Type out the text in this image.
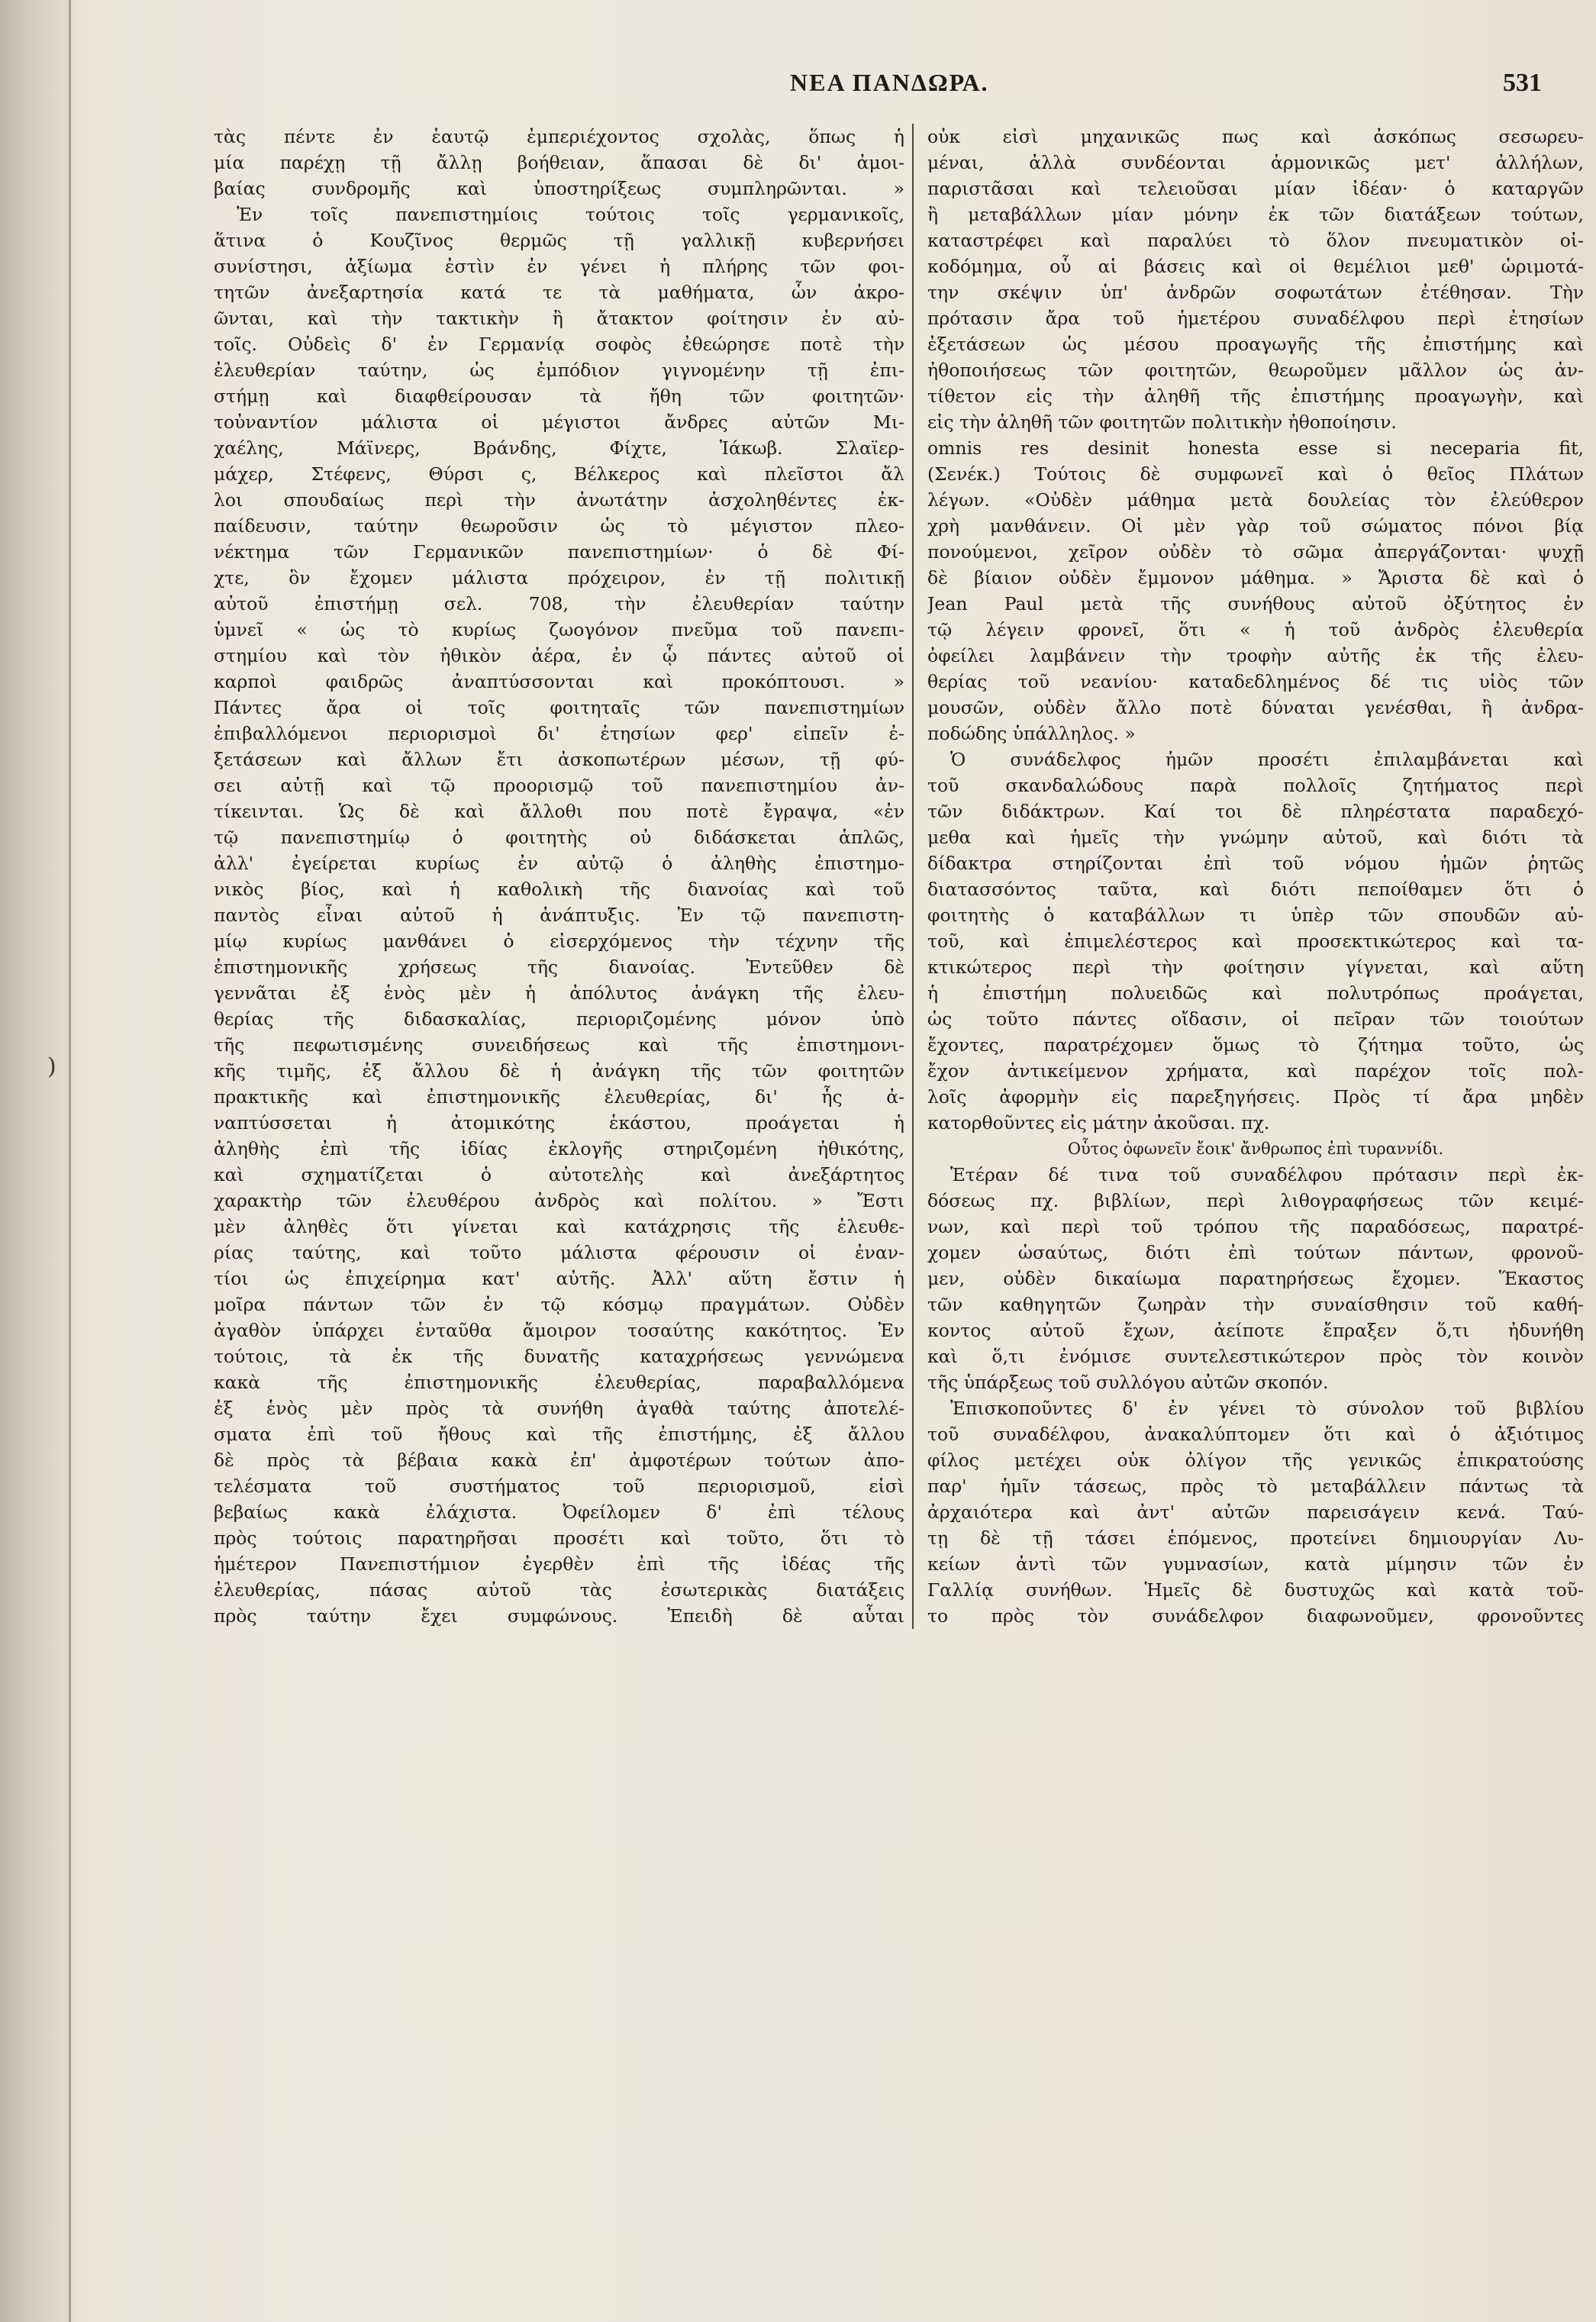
ΝΕΑ ΠΑΝΔΩΡΑ.	531
)
τὰς πέντε ἐν ἑαυτῷ ἐμπεριέχοντος σχολὰς, ὅπως ἡ
μία παρέχῃ τῇ ἄλλῃ βοήθειαν, ἅπασαι δὲ δι' ἀμοι-
βαίας συνδρομῆς καὶ ὑποστηρίξεως συμπληρῶνται. »
Ἐν τοῖς πανεπιστημίοις τούτοις τοῖς γερμανικοῖς,
ἅτινα ὁ Κουζῖνος θερμῶς τῇ γαλλικῇ κυβερνήσει
συνίστησι, ἀξίωμα ἐστὶν ἐν γένει ἡ πλήρης τῶν φοι-
τητῶν ἀνεξαρτησία κατά τε τὰ μαθήματα, ὧν ἀκρο-
ῶνται, καὶ τὴν τακτικὴν ἢ ἄτακτον φοίτησιν ἐν αὐ-
τοῖς. Οὐδεὶς δ' ἐν Γερμανίᾳ σοφὸς ἐθεώρησε ποτὲ τὴν
ἐλευθερίαν ταύτην, ὡς ἐμπόδιον γιγνομένην τῇ ἐπι-
στήμῃ καὶ διαφθείρουσαν τὰ ἤθη τῶν φοιτητῶν·
τοὐναντίον μάλιστα οἱ μέγιστοι ἄνδρες αὐτῶν Μι-
χαέλης, Μάϊνερς, Βράνδης, Φίχτε, Ἰάκωβ. Σλαϊερ-
μάχερ, Στέφενς, Θύρσι ς, Βέλκερος καὶ πλεῖστοι ἄλ
λοι σπουδαίως περὶ τὴν ἀνωτάτην ἀσχοληθέντες ἐκ-
παίδευσιν, ταύτην θεωροῦσιν ὡς τὸ μέγιστον πλεο-
νέκτημα τῶν Γερμανικῶν πανεπιστημίων· ὁ δὲ Φί-
χτε, ὃν ἔχομεν μάλιστα πρόχειρον, ἐν τῇ πολιτικῇ
αὐτοῦ ἐπιστήμῃ σελ. 708, τὴν ἐλευθερίαν ταύτην
ὑμνεῖ « ὡς τὸ κυρίως ζωογόνον πνεῦμα τοῦ πανεπι-
στημίου καὶ τὸν ἠθικὸν ἀέρα, ἐν ᾧ πάντες αὐτοῦ οἱ
καρποὶ φαιδρῶς ἀναπτύσσονται καὶ προκόπτουσι. »
Πάντες ἄρα οἱ τοῖς φοιτηταῖς τῶν πανεπιστημίων
ἐπιβαλλόμενοι περιορισμοὶ δι' ἐτησίων φερ' εἰπεῖν ἐ-
ξετάσεων καὶ ἄλλων ἔτι ἀσκοπωτέρων μέσων, τῇ φύ-
σει αὐτῇ καὶ τῷ προορισμῷ τοῦ πανεπιστημίου ἀν-
τίκεινται. Ὡς δὲ καὶ ἄλλοθι που ποτὲ ἔγραψα, «ἐν
τῷ πανεπιστημίῳ ὁ φοιτητὴς οὐ διδάσκεται ἁπλῶς,
ἀλλ' ἐγείρεται κυρίως ἐν αὐτῷ ὁ ἀληθὴς ἐπιστημο-
νικὸς βίος, καὶ ἡ καθολικὴ τῆς διανοίας καὶ τοῦ
παντὸς εἶναι αὐτοῦ ἡ ἀνάπτυξις. Ἐν τῷ πανεπιστη-
μίῳ κυρίως μανθάνει ὁ εἰσερχόμενος τὴν τέχνην τῆς
ἐπιστημονικῆς χρήσεως τῆς διανοίας. Ἐντεῦθεν δὲ
γεννᾶται ἐξ ἑνὸς μὲν ἡ ἀπόλυτος ἀνάγκη τῆς ἐλευ-
θερίας τῆς διδασκαλίας, περιοριζομένης μόνον ὑπὸ
τῆς πεφωτισμένης συνειδήσεως καὶ τῆς ἐπιστημονι-
κῆς τιμῆς, ἐξ ἄλλου δὲ ἡ ἀνάγκη τῆς τῶν φοιτητῶν
πρακτικῆς καὶ ἐπιστημονικῆς ἐλευθερίας, δι' ἧς ἀ-
ναπτύσσεται ἡ ἀτομικότης ἑκάστου, προάγεται ἡ
ἀληθὴς ἐπὶ τῆς ἰδίας ἐκλογῆς στηριζομένη ἠθικότης,
καὶ σχηματίζεται ὁ αὐτοτελὴς καὶ ἀνεξάρτητος
χαρακτὴρ τῶν ἐλευθέρου ἀνδρὸς καὶ πολίτου. » Ἔστι
μὲν ἀληθὲς ὅτι γίνεται καὶ κατάχρησις τῆς ἐλευθε-
ρίας ταύτης, καὶ τοῦτο μάλιστα φέρουσιν οἱ ἐναν-
τίοι ὡς ἐπιχείρημα κατ' αὐτῆς. Ἀλλ' αὕτη ἔστιν ἡ
μοῖρα πάντων τῶν ἐν τῷ κόσμῳ πραγμάτων. Οὐδὲν
ἀγαθὸν ὑπάρχει ἐνταῦθα ἄμοιρον τοσαύτης κακότητος. Ἐν
τούτοις, τὰ ἐκ τῆς δυνατῆς καταχρήσεως γεννώμενα
κακὰ τῆς ἐπιστημονικῆς ἐλευθερίας, παραβαλλόμενα
ἐξ ἑνὸς μὲν πρὸς τὰ συνήθη ἀγαθὰ ταύτης ἀποτελέ-
σματα ἐπὶ τοῦ ἤθους καὶ τῆς ἐπιστήμης, ἐξ ἄλλου
δὲ πρὸς τὰ βέβαια κακὰ ἐπ' ἀμφοτέρων τούτων ἀπο-
τελέσματα τοῦ συστήματος τοῦ περιορισμοῦ, εἰσὶ
βεβαίως κακὰ ἐλάχιστα. Ὀφείλομεν δ' ἐπὶ τέλους
πρὸς τούτοις παρατηρῆσαι προσέτι καὶ τοῦτο, ὅτι τὸ
ἡμέτερον Πανεπιστήμιον ἐγερθὲν ἐπὶ τῆς ἰδέας τῆς
ἐλευθερίας, πάσας αὐτοῦ τὰς ἐσωτερικὰς διατάξεις
πρὸς ταύτην ἔχει συμφώνους. Ἐπειδὴ δὲ αὗται
οὐκ εἰσὶ μηχανικῶς πως καὶ ἀσκόπως σεσωρευ-
μέναι, ἀλλὰ συνδέονται ἁρμονικῶς μετ' ἀλλήλων,
παριστᾶσαι καὶ τελειοῦσαι μίαν ἰδέαν· ὁ καταργῶν
ἢ μεταβάλλων μίαν μόνην ἐκ τῶν διατάξεων τούτων,
καταστρέφει καὶ παραλύει τὸ ὅλον πνευματικὸν οἰ-
κοδόμημα, οὗ αἱ βάσεις καὶ οἱ θεμέλιοι μεθ' ὡριμοτά-
την σκέψιν ὑπ' ἀνδρῶν σοφωτάτων ἐτέθησαν. Τὴν
πρότασιν ἄρα τοῦ ἡμετέρου συναδέλφου περὶ ἐτησίων
ἐξετάσεων ὡς μέσου προαγωγῆς τῆς ἐπιστήμης καὶ
ἠθοποιήσεως τῶν φοιτητῶν, θεωροῦμεν μᾶλλον ὡς ἀν-
τίθετον εἰς τὴν ἀληθῆ τῆς ἐπιστήμης προαγωγὴν, καὶ
εἰς τὴν ἀληθῆ τῶν φοιτητῶν πολιτικὴν ἠθοποίησιν.
omnis res desinit honesta esse si neceparia fit,
(Σενέκ.) Τούτοις δὲ συμφωνεῖ καὶ ὁ θεῖος Πλάτων
λέγων. «Οὐδὲν μάθημα μετὰ δουλείας τὸν ἐλεύθερον
χρὴ μανθάνειν. Οἱ μὲν γὰρ τοῦ σώματος πόνοι βίᾳ
πονούμενοι, χεῖρον οὐδὲν τὸ σῶμα ἀπεργάζονται· ψυχῇ
δὲ βίαιον οὐδὲν ἔμμονον μάθημα. » Ἄριστα δὲ καὶ ὁ
Jean Paul μετὰ τῆς συνήθους αὐτοῦ ὀξύτητος ἐν
τῷ λέγειν φρονεῖ, ὅτι « ἡ τοῦ ἀνδρὸς ἐλευθερία
ὀφείλει λαμβάνειν τὴν τροφὴν αὐτῆς ἐκ τῆς ἐλευ-
θερίας τοῦ νεανίου· καταδεδλημένος δέ τις υἱὸς τῶν
μουσῶν, οὐδὲν ἄλλο ποτὲ δύναται γενέσθαι, ἢ ἀνδρα-
ποδώδης ὑπάλληλος. »
Ὁ συνάδελφος ἡμῶν προσέτι ἐπιλαμβάνεται καὶ
τοῦ σκανδαλώδους παρὰ πολλοῖς ζητήματος περὶ
τῶν διδάκτρων. Καί τοι δὲ πληρέστατα παραδεχό-
μεθα καὶ ἡμεῖς τὴν γνώμην αὐτοῦ, καὶ διότι τὰ
δίδακτρα στηρίζονται ἐπὶ τοῦ νόμου ἡμῶν ῥητῶς
διατασσόντος ταῦτα, καὶ διότι πεποίθαμεν ὅτι ὁ
φοιτητὴς ὁ καταβάλλων τι ὑπὲρ τῶν σπουδῶν αὐ-
τοῦ, καὶ ἐπιμελέστερος καὶ προσεκτικώτερος καὶ τα-
κτικώτερος περὶ τὴν φοίτησιν γίγνεται, καὶ αὕτη
ἡ ἐπιστήμη πολυειδῶς καὶ πολυτρόπως προάγεται,
ὡς τοῦτο πάντες οἴδασιν, οἱ πεῖραν τῶν τοιούτων
ἔχοντες, παρατρέχομεν ὅμως τὸ ζήτημα τοῦτο, ὡς
ἔχον ἀντικείμενον χρήματα, καὶ παρέχον τοῖς πολ-
λοῖς ἀφορμὴν εἰς παρεξηγήσεις. Πρὸς τί ἄρα μηδὲν
κατορθοῦντες εἰς μάτην ἀκοῦσαι. πχ.
Οὗτος ὀφωνεῖν ἔοικ' ἄνθρωπος ἐπὶ τυραννίδι.
Ἑτέραν δέ τινα τοῦ συναδέλφου πρότασιν περὶ ἐκ-
δόσεως πχ. βιβλίων, περὶ λιθογραφήσεως τῶν κειμέ-
νων, καὶ περὶ τοῦ τρόπου τῆς παραδόσεως, παρατρέ-
χομεν ὡσαύτως, διότι ἐπὶ τούτων πάντων, φρονοῦ-
μεν, οὐδὲν δικαίωμα παρατηρήσεως ἔχομεν. Ἕκαστος
τῶν καθηγητῶν ζωηρὰν τὴν συναίσθησιν τοῦ καθή-
κοντος αὐτοῦ ἔχων, ἀείποτε ἔπραξεν ὅ,τι ἠδυνήθη
καὶ ὅ,τι ἐνόμισε συντελεστικώτερον πρὸς τὸν κοινὸν
τῆς ὑπάρξεως τοῦ συλλόγου αὐτῶν σκοπόν.
Ἐπισκοποῦντες δ' ἐν γένει τὸ σύνολον τοῦ βιβλίου
τοῦ συναδέλφου, ἀνακαλύπτομεν ὅτι καὶ ὁ ἀξιότιμος
φίλος μετέχει οὐκ ὀλίγον τῆς γενικῶς ἐπικρατούσης
παρ' ἡμῖν τάσεως, πρὸς τὸ μεταβάλλειν πάντως τὰ
ἀρχαιότερα καὶ ἀντ' αὐτῶν παρεισάγειν κενά. Ταύ-
τῃ δὲ τῇ τάσει ἑπόμενος, προτείνει δημιουργίαν Λυ-
κείων ἀντὶ τῶν γυμνασίων, κατὰ μίμησιν τῶν ἐν
Γαλλίᾳ συνήθων. Ἡμεῖς δὲ δυστυχῶς καὶ κατὰ τοῦ-
το πρὸς τὸν συνάδελφον διαφωνοῦμεν, φρονοῦντες
